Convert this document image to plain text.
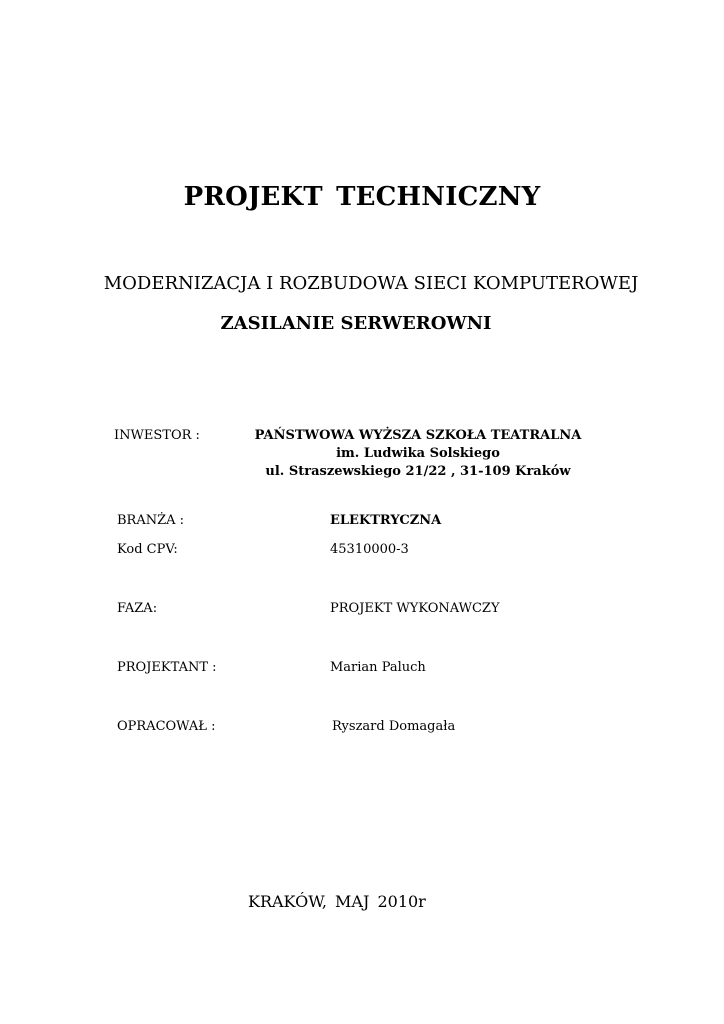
PROJEKT TECHNICZNY
MODERNIZACJA I ROZBUDOWA SIECI KOMPUTEROWEJ
ZASILANIE SERWEROWNI
INWESTOR :	PAŃSTWOWA WYŻSZA SZKOŁA TEATRALNA
im. Ludwika Solskiego
ul. Straszewskiego 21/22 , 31-109 Kraków
BRANŻA :	ELEKTRYCZNA
Kod CPV:	45310000-3
FAZA:	PROJEKT WYKONAWCZY
PROJEKTANT :	Marian Paluch
OPRACOWAŁ :	Ryszard Domagała
KRAKÓW, MAJ 2010r
